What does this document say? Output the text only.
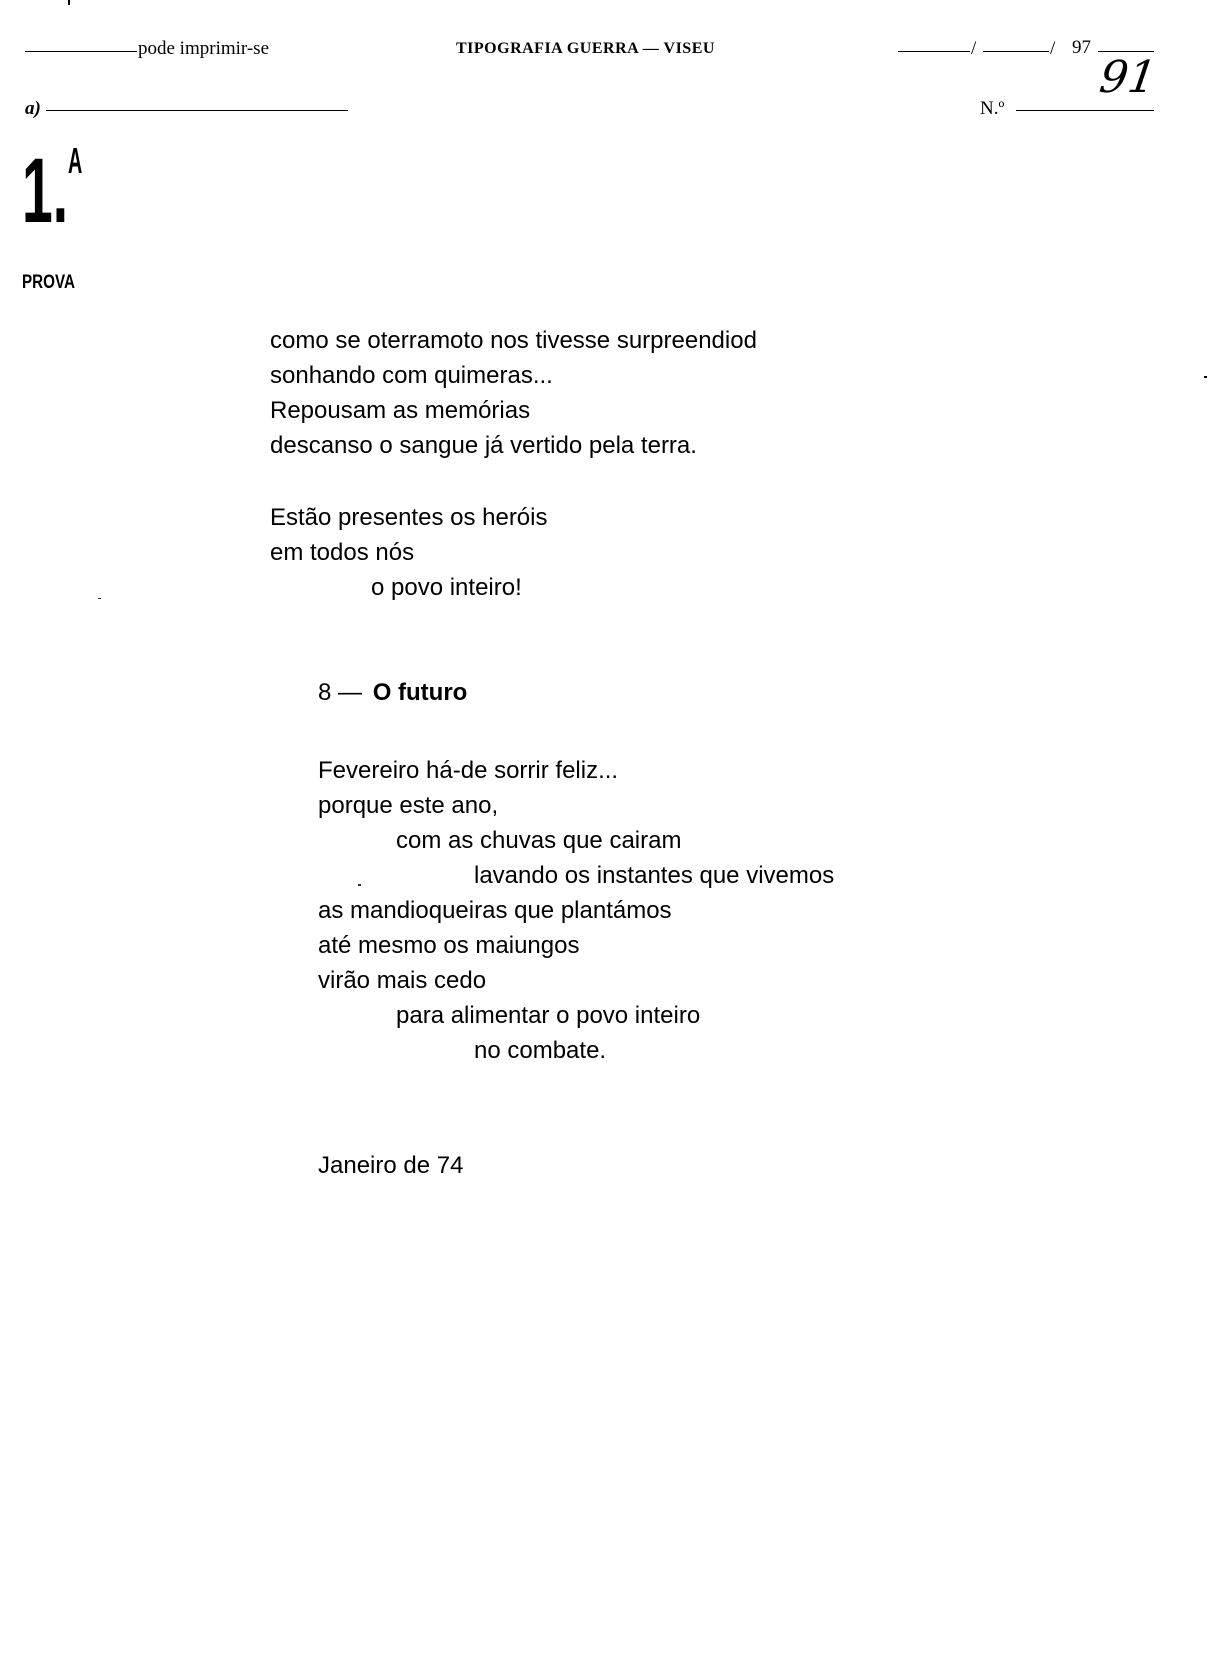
pode imprimir-se	TIPOGRAFIA GUERRA — VISEU	/	/ 97
a)	N.º
91
1. A
PROVA
como se oterramoto nos tivesse surpreendiod
sonhando com quimeras...
Repousam as memórias
descanso o sangue já vertido pela terra.
Estão presentes os heróis
em todos nós
o povo inteiro!
8 — O futuro
Fevereiro há-de sorrir feliz...
porque este ano,
com as chuvas que cairam
lavando os instantes que vivemos
as mandioqueiras que plantámos
até mesmo os maiungos
virão mais cedo
para alimentar o povo inteiro
no combate.
Janeiro de 74
